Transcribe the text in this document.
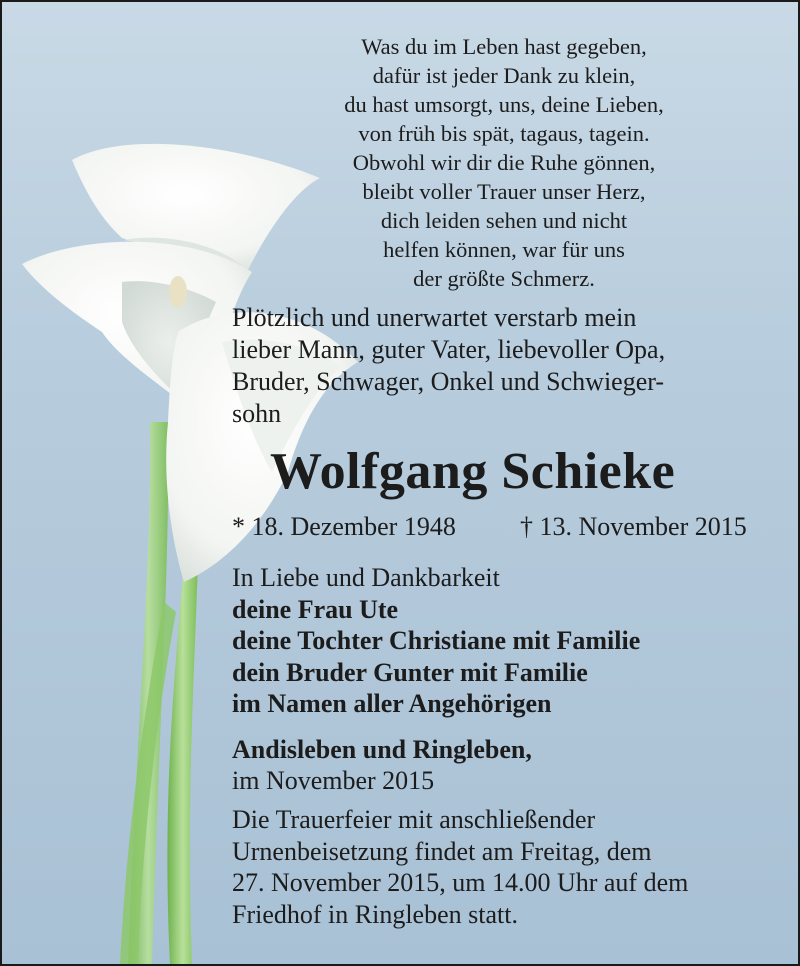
Was du im Leben hast gegeben,
dafür ist jeder Dank zu klein,
du hast umsorgt, uns, deine Lieben,
von früh bis spät, tagaus, tagein.
Obwohl wir dir die Ruhe gönnen,
bleibt voller Trauer unser Herz,
dich leiden sehen und nicht
helfen können, war für uns
der größte Schmerz.
Plötzlich und unerwartet verstarb mein
lieber Mann, guter Vater, liebevoller Opa,
Bruder, Schwager, Onkel und Schwieger-
sohn
Wolfgang Schieke
* 18. Dezember 1948 † 13. November 2015
In Liebe und Dankbarkeit
deine Frau Ute
deine Tochter Christiane mit Familie
dein Bruder Gunter mit Familie
im Namen aller Angehörigen
Andisleben und Ringleben,
im November 2015
Die Trauerfeier mit anschließender
Urnenbeisetzung findet am Freitag, dem
27. November 2015, um 14.00 Uhr auf dem
Friedhof in Ringleben statt.
